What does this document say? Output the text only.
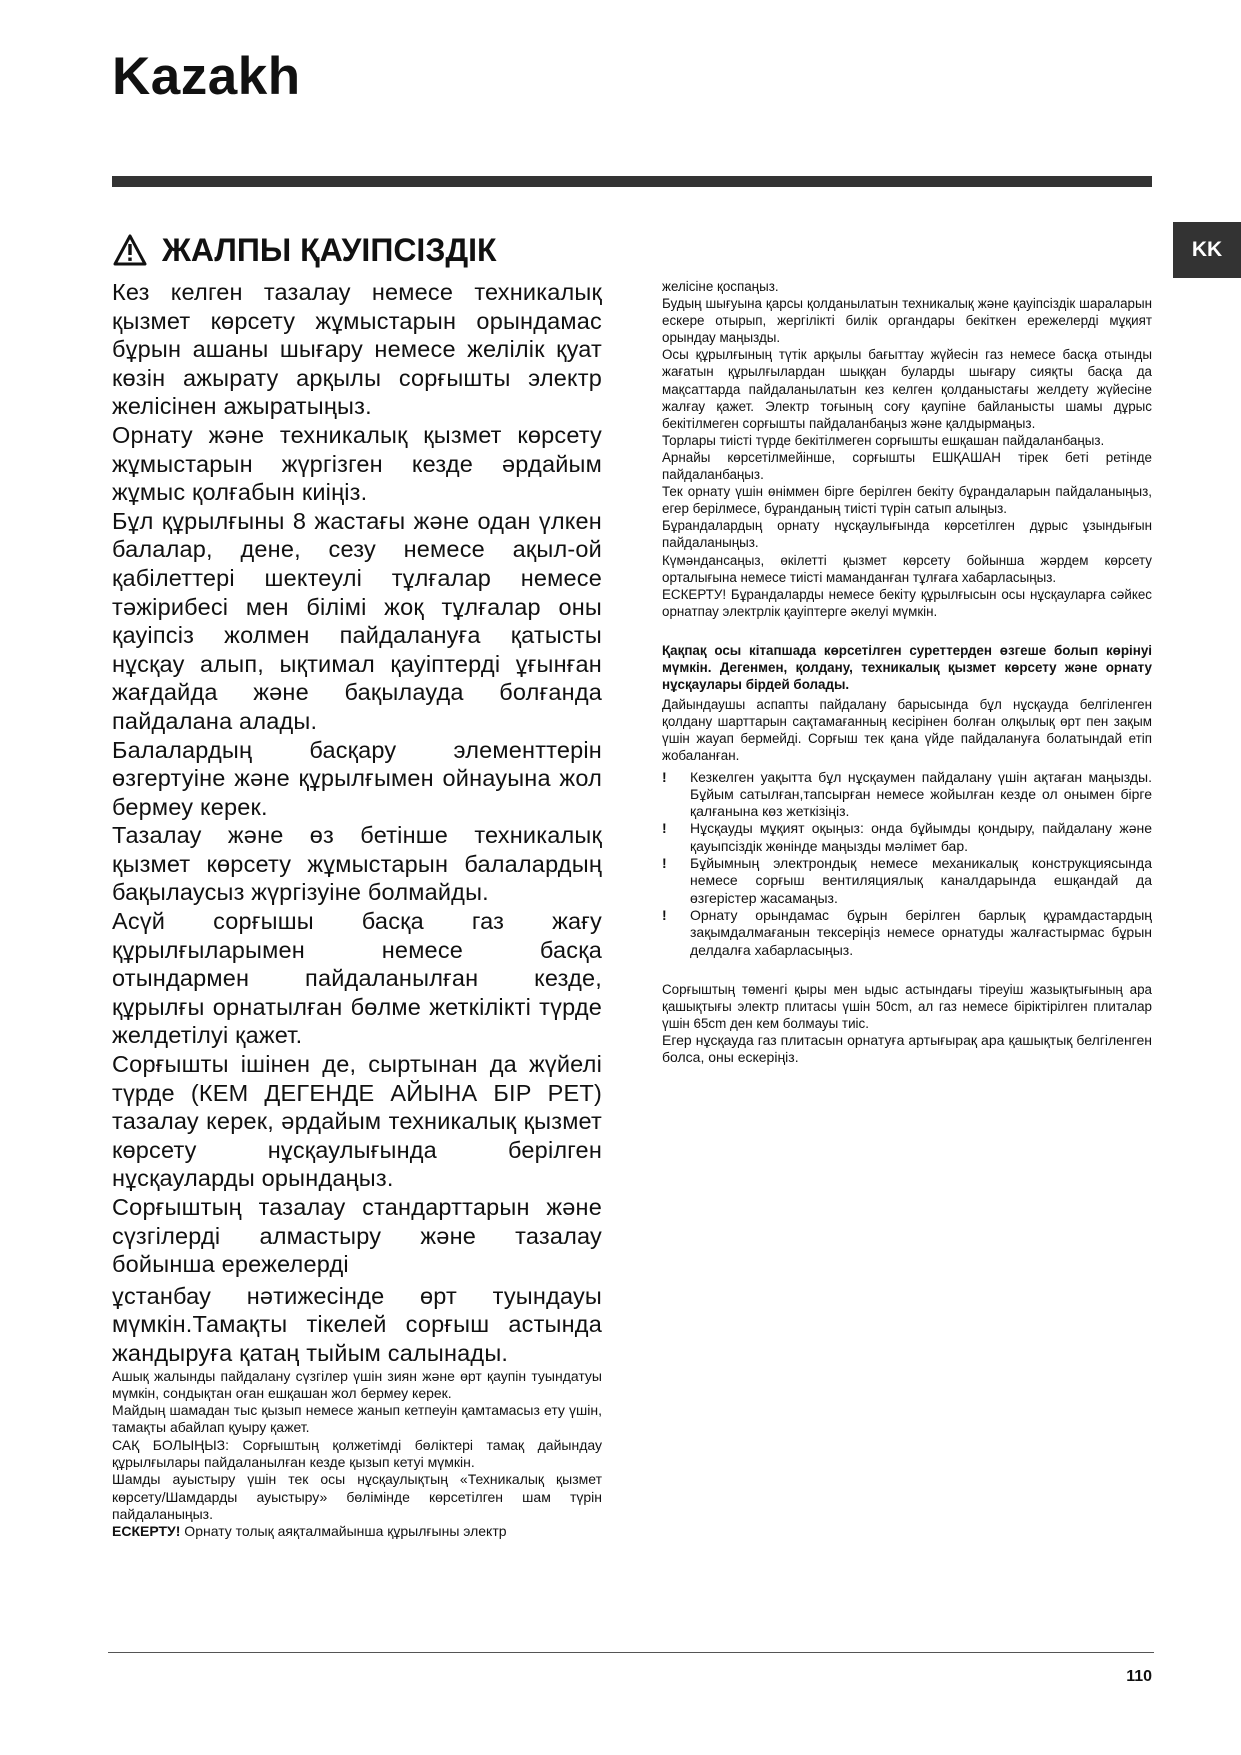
Kazakh
KK
ЖАЛПЫ ҚАУІПСІЗДІК

Кез келген тазалау немесе техникалық қызмет көрсету жұмыстарын орындамас бұрын ашаны шығару немесе желілік қуат көзін ажырату арқылы сорғышты электр желісінен ажыратыңыз.

Орнату және техникалық қызмет көрсету жұмыстарын жүргізген кезде әрдайым жұмыс қолғабын киіңіз.

Бұл құрылғыны 8 жастағы және одан үлкен балалар, дене, сезу немесе ақыл-ой қабілеттері шектеулі тұлғалар немесе тәжірибесі мен білімі жоқ тұлғалар оны қауіпсіз жолмен пайдалануға қатысты нұсқау алып, ықтимал қауіптерді ұғынған жағдайда және бақылауда болғанда пайдалана алады.

Балалардың басқару элементтерін өзгертуіне және құрылғымен ойнауына жол бермеу керек.

Тазалау және өз бетінше техникалық қызмет көрсету жұмыстарын балалардың бақылаусыз жүргізуіне болмайды.

Асүй сорғышы басқа газ жағу құрылғыларымен немесе басқа отындармен пайдаланылған кезде, құрылғы орнатылған бөлме жеткілікті түрде желдетілуі қажет.

Сорғышты ішінен де, сыртынан да жүйелі түрде (КЕМ ДЕГЕНДЕ АЙЫНА БІР РЕТ) тазалау керек, әрдайым техникалық қызмет көрсету нұсқаулығында берілген нұсқауларды орындаңыз.

Сорғыштың тазалау стандарттарын және сүзгілерді алмастыру және тазалау бойынша ережелерді

ұстанбау нәтижесінде өрт туындауы мүмкін.Тамақты тікелей сорғыш астында жандыруға қатаң тыйым салынады.

Ашық жалынды пайдалану сүзгілер үшін зиян және өрт қаупін туындатуы мүмкін, сондықтан оған ешқашан жол бермеу керек.

Майдың шамадан тыс қызып немесе жанып кетпеуін қамтамасыз ету үшін, тамақты абайлап қуыру қажет.

САҚ БОЛЫҢЫЗ: Сорғыштың қолжетімді бөліктері тамақ дайындау құрылғылары пайдаланылған кезде қызып кетуі мүмкін.

Шамды ауыстыру үшін тек осы нұсқаулықтың «Техникалық қызмет көрсету/Шамдарды ауыстыру» бөлімінде көрсетілген шам түрін пайдаланыңыз.

ЕСКЕРТУ! Орнату толық аяқталмайынша құрылғыны электр

желісіне қоспаңыз.

Будың шығуына қарсы қолданылатын техникалық және қауіпсіздік шараларын ескере отырып, жергілікті билік органдары бекіткен ережелерді мұқият орындау маңызды.

Осы құрылғының түтік арқылы бағыттау жүйесін газ немесе басқа отынды жағатын құрылғылардан шыққан буларды шығару сияқты басқа да мақсаттарда пайдаланылатын кез келген қолданыстағы желдету жүйесіне жалғау қажет. Электр тоғының соғу қаупіне байланысты шамы дұрыс бекітілмеген сорғышты пайдаланбаңыз және қалдырмаңыз.

Торлары тиісті түрде бекітілмеген сорғышты ешқашан пайдаланбаңыз.

Арнайы көрсетілмейінше, сорғышты ЕШҚАШАН тірек беті ретінде пайдаланбаңыз.

Тек орнату үшін өніммен бірге берілген бекіту бұрандаларын пайдаланыңыз, егер берілмесе, бұранданың тиісті түрін сатып алыңыз.

Бұрандалардың орнату нұсқаулығында көрсетілген дұрыс ұзындығын пайдаланыңыз.

Күмәндансаңыз, өкілетті қызмет көрсету бойынша жәрдем көрсету орталығына немесе тиісті маманданған тұлғаға хабарласыңыз.

ЕСКЕРТУ! Бұрандаларды немесе бекіту құрылғысын осы нұсқауларға сәйкес орнатпау электрлік қауіптерге әкелуі мүмкін.

Қақпақ осы кітапшада көрсетілген суреттерден өзгеше болып көрінуі мүмкін. Дегенмен, қолдану, техникалық қызмет көрсету және орнату нұсқаулары бірдей болады.

Дайындаушы аспапты пайдалану барысында бұл нұсқауда белгіленген қолдану шарттарын сақтамағанның кесірінен болған олқылық өрт пен зақым үшін жауап бермейді. Сорғыш тек қана үйде пайдалануға болатындай етіп жобаланған.

!	Кезкелген уақытта бұл нұсқаумен пайдалану үшін ақтаған маңызды. Бұйым сатылған,тапсырған немесе жойылған кезде ол онымен бірге қалғанына көз жеткізіңіз.
!	Нұсқауды мұқият оқыңыз: онда бұйымды қондыру, пайдалану және қауыпсіздік жөнінде маңызды мәлімет бар.
!	Бұйымның электрондық немесе механикалық конструкциясында немесе сорғыш вентиляциялық каналдарында ешқандай да өзгерістер жасамаңыз.
!	Орнату орындамас бұрын берілген барлық құрамдастардың зақымдалмағанын тексеріңіз немесе орнатуды жалғастырмас бұрын делдалға хабарласыңыз.

Сорғыштың төменгі қыры мен ыдыс астындағы тіреуіш жазықтығының ара қашықтығы электр плитасы үшін 50cm, ал газ немесе біріктірілген плиталар үшін 65cm ден кем болмауы тиіс.

Егер нұсқауда газ плитасын орнатуға артығырақ ара қашықтық белгіленген болса, оны ескеріңіз.

110
